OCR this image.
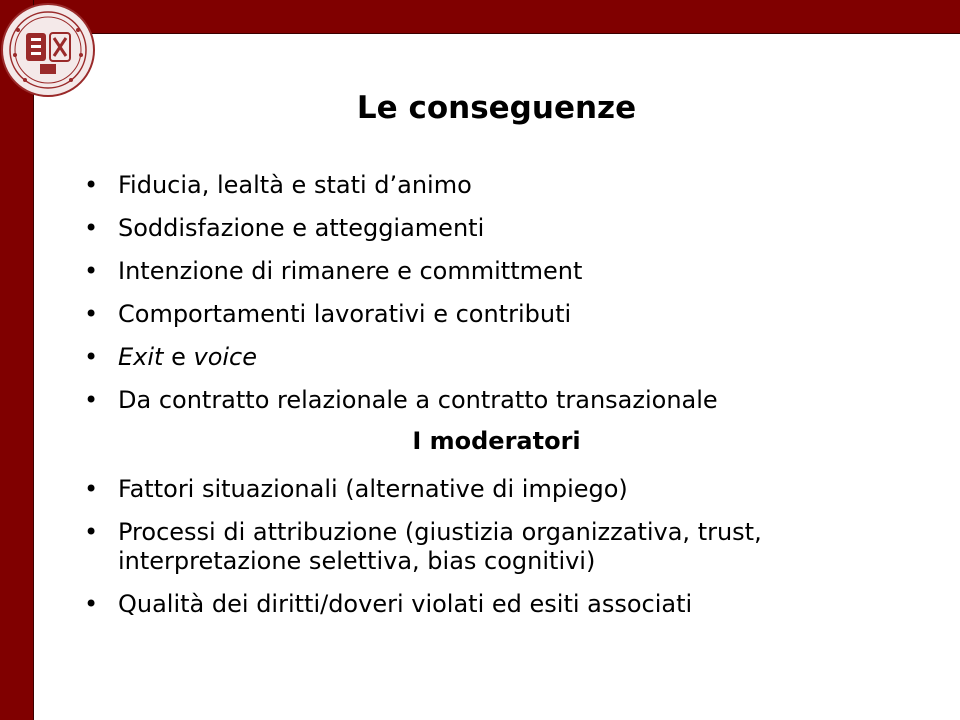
Le conseguenze
• Fiducia, lealtà e stati d’animo
• Soddisfazione e atteggiamenti
• Intenzione di rimanere e committment
• Comportamenti lavorativi e contributi
• Exit e voice
• Da contratto relazionale a contratto transazionale
I moderatori
• Fattori situazionali (alternative di impiego)
• Processi di attribuzione (giustizia organizzativa, trust, interpretazione selettiva, bias cognitivi)
• Qualità dei diritti/doveri violati ed esiti associati
